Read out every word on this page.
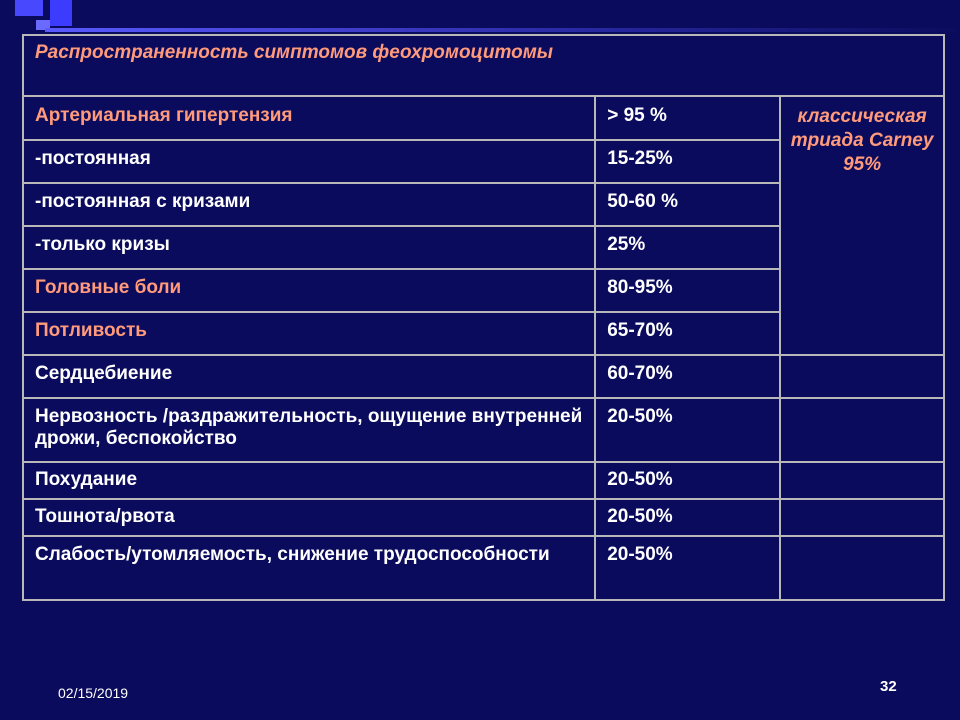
Распространенность симптомов феохромоцитомы		
Артериальная гипертензия	> 95 %	классическая триада Carney 95%
-постоянная	15-25%	
-постоянная с кризами	50-60 %	
-только кризы	25%	
Головные боли	80-95%	
Потливость	65-70%	
Сердцебиение	60-70%	
Нервозность /раздражительность, ощущение внутренней дрожи, беспокойство	20-50%	
Похудание	20-50%	
Тошнота/рвота	20-50%	
Слабость/утомляемость, снижение трудоспособности	20-50%	
02/15/2019	32
